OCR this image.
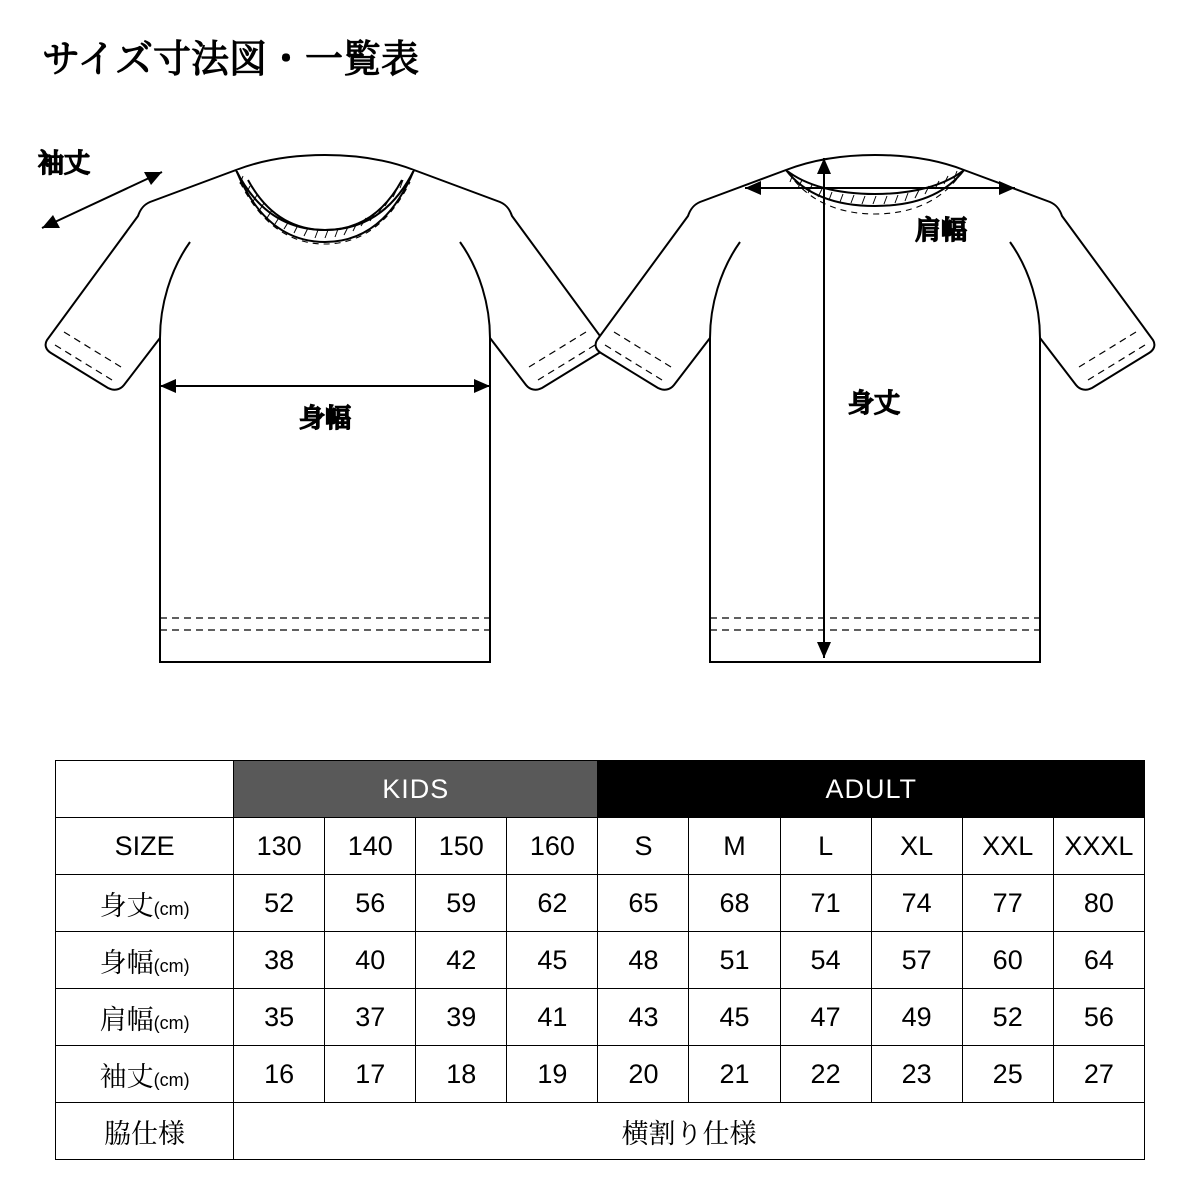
サイズ寸法図・一覧表
身幅
袖丈
肩幅
身丈
	KIDS				ADULT					
SIZE	130	140	150	160	S	M	L	XL	XXL	XXXL
身丈(cm)	52	56	59	62	65	68	71	74	77	80
身幅(cm)	38	40	42	45	48	51	54	57	60	64
肩幅(cm)	35	37	39	41	43	45	47	49	52	56
袖丈(cm)	16	17	18	19	20	21	22	23	25	27
脇仕様	横割り仕様									
